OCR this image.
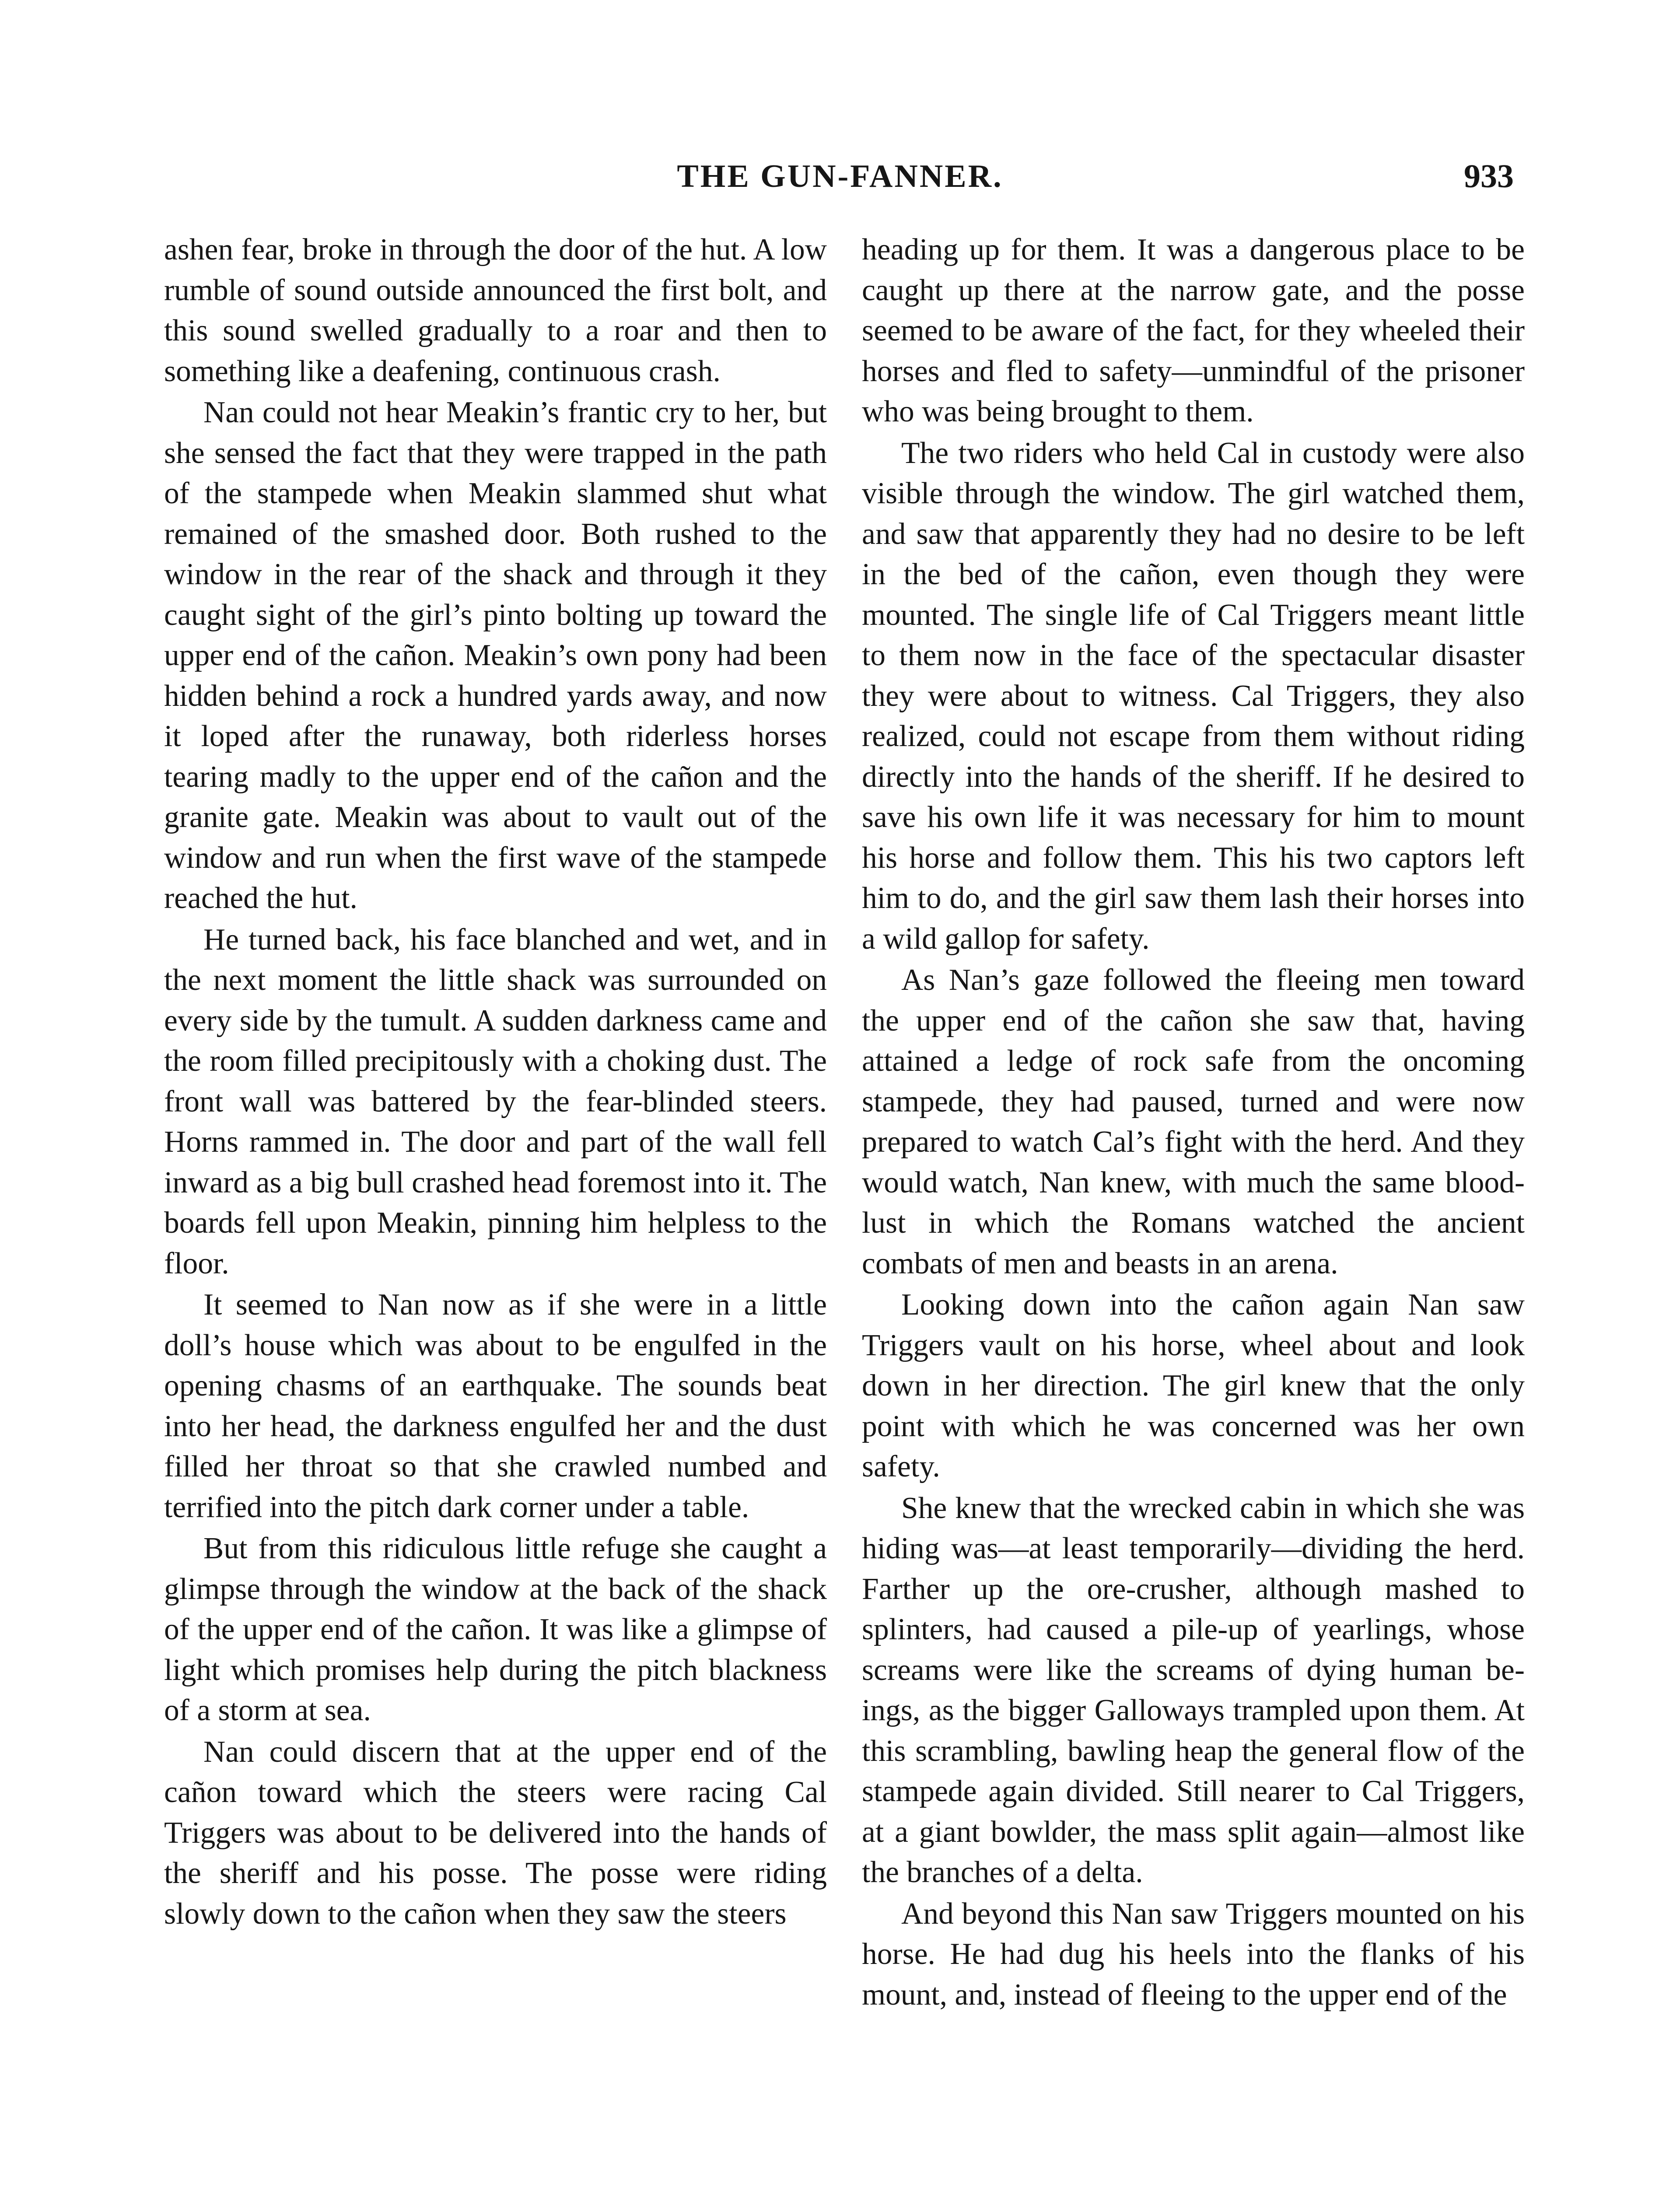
THE GUN-FANNER.	933

ashen fear, broke in through the door of the hut. A low rumble of sound outside announced the first bolt, and this sound swelled gradually to a roar and then to something like a deafening, continuous crash.

Nan could not hear Meakin’s frantic cry to her, but she sensed the fact that they were trapped in the path of the stampede when Meakin slammed shut what remained of the smashed door. Both rushed to the window in the rear of the shack and through it they caught sight of the girl’s pinto bolting up toward the upper end of the cañon. Meakin’s own pony had been hidden behind a rock a hundred yards away, and now it loped after the runaway, both riderless horses tearing madly to the upper end of the cañon and the granite gate. Meakin was about to vault out of the window and run when the first wave of the stampede reached the hut.

He turned back, his face blanched and wet, and in the next moment the little shack was surrounded on every side by the tumult. A sudden darkness came and the room filled precipitously with a choking dust. The front wall was battered by the fear-blinded steers. Horns rammed in. The door and part of the wall fell inward as a big bull crashed head foremost into it. The boards fell upon Meakin, pinning him helpless to the floor.

It seemed to Nan now as if she were in a little doll’s house which was about to be engulfed in the opening chasms of an earthquake. The sounds beat into her head, the darkness engulfed her and the dust filled her throat so that she crawled numbed and terrified into the pitch dark corner under a table.

But from this ridiculous little refuge she caught a glimpse through the window at the back of the shack of the upper end of the cañon. It was like a glimpse of light which promises help during the pitch blackness of a storm at sea.

Nan could discern that at the upper end of the cañon toward which the steers were racing Cal Triggers was about to be delivered into the hands of the sheriff and his posse. The posse were riding slowly down to the cañon when they saw the steers

heading up for them. It was a dangerous place to be caught up there at the narrow gate, and the posse seemed to be aware of the fact, for they wheeled their horses and fled to safety—unmindful of the prisoner who was being brought to them.

The two riders who held Cal in custody were also visible through the window. The girl watched them, and saw that apparently they had no desire to be left in the bed of the cañon, even though they were mounted. The single life of Cal Triggers meant little to them now in the face of the spectacular disaster they were about to witness. Cal Triggers, they also realized, could not escape from them without riding directly into the hands of the sheriff. If he desired to save his own life it was necessary for him to mount his horse and follow them. This his two captors left him to do, and the girl saw them lash their horses into a wild gallop for safety.

As Nan’s gaze followed the fleeing men toward the upper end of the cañon she saw that, having attained a ledge of rock safe from the oncoming stampede, they had paused, turned and were now prepared to watch Cal’s fight with the herd. And they would watch, Nan knew, with much the same blood-lust in which the Romans watched the ancient combats of men and beasts in an arena.

Looking down into the cañon again Nan saw Triggers vault on his horse, wheel about and look down in her direction. The girl knew that the only point with which he was concerned was her own safety.

She knew that the wrecked cabin in which she was hiding was—at least temporarily—dividing the herd. Farther up the ore-crusher, although mashed to splinters, had caused a pile-up of yearlings, whose screams were like the screams of dying human beings, as the bigger Galloways trampled upon them. At this scrambling, bawling heap the general flow of the stampede again divided. Still nearer to Cal Triggers, at a giant bowlder, the mass split again—almost like the branches of a delta.

And beyond this Nan saw Triggers mounted on his horse. He had dug his heels into the flanks of his mount, and, instead of fleeing to the upper end of the
